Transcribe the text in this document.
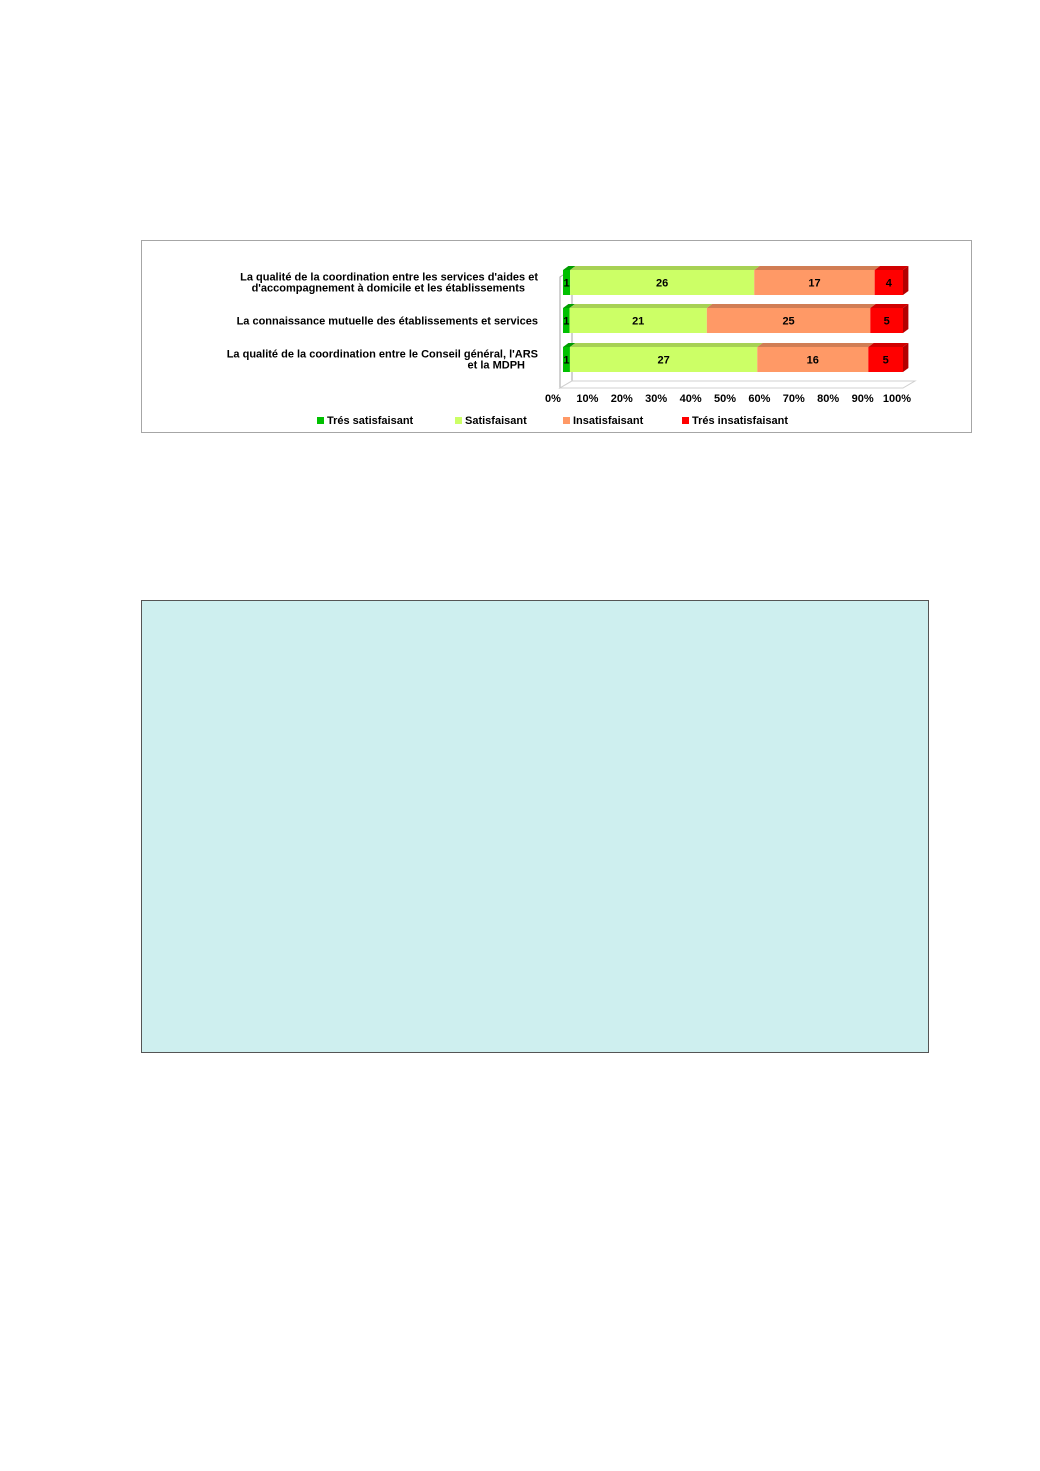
1	26	17	4
La qualité de la coordination entre les services d'aides et
d'accompagnement à domicile et les établissements
1	21	25	5
La connaissance mutuelle des établissements et services
1	27	16	5
La qualité de la coordination entre le Conseil général, l'ARS
et la MDPH
0% 10% 20% 30% 40% 50% 60% 70% 80% 90% 100%
Trés satisfaisant	Satisfaisant	Insatisfaisant	Trés insatisfaisant
